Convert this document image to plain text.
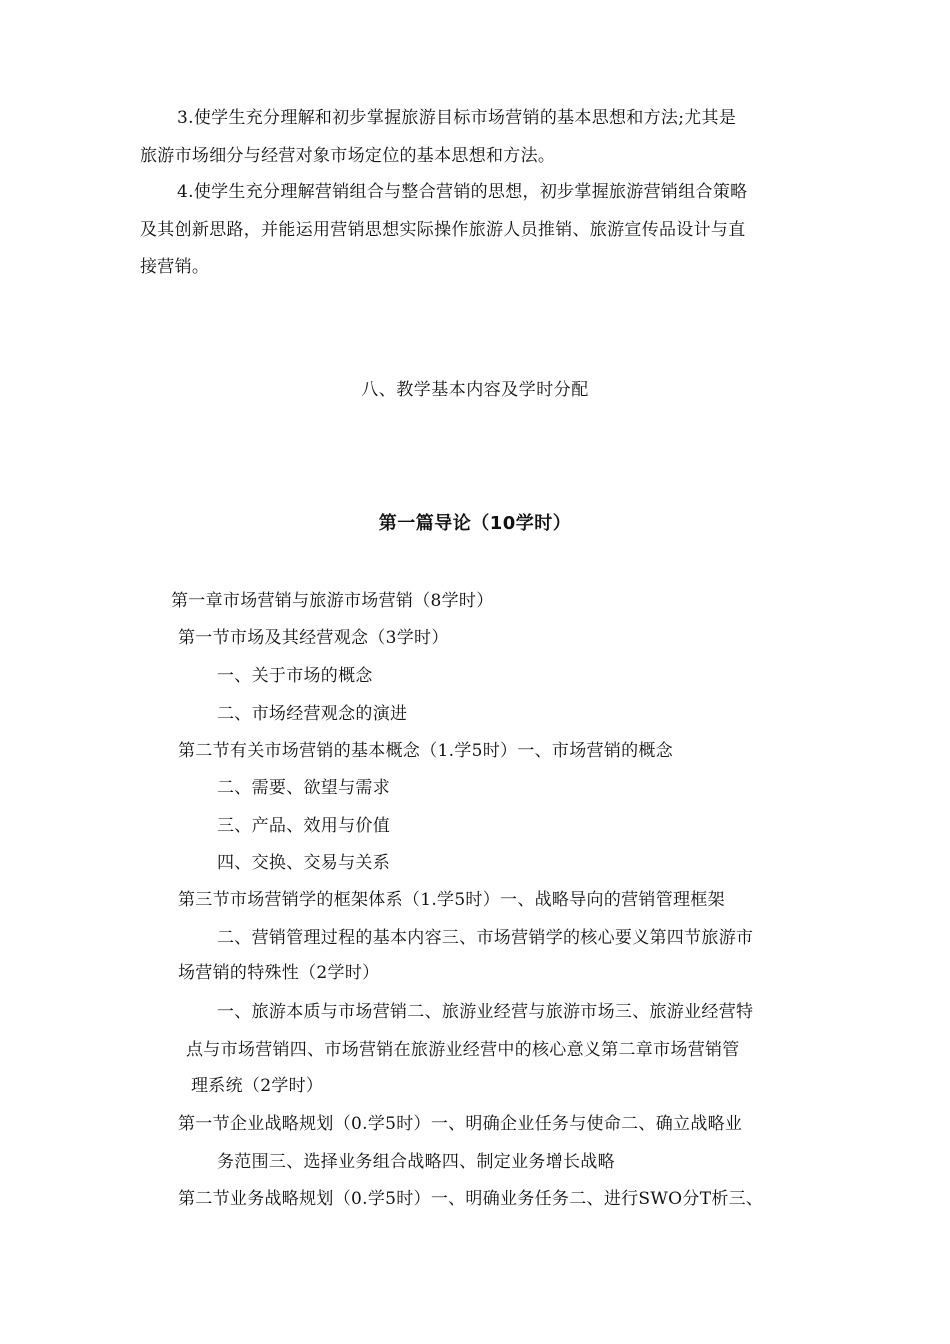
3.使学生充分理解和初步掌握旅游目标市场营销的基本思想和方法;尤其是
旅游市场细分与经营对象市场定位的基本思想和方法。
4.使学生充分理解营销组合与整合营销的思想，初步掌握旅游营销组合策略
及其创新思路，并能运用营销思想实际操作旅游人员推销、旅游宣传品设计与直
接营销。
八、教学基本内容及学时分配
第一篇导论（10学时）
第一章市场营销与旅游市场营销（8学时）
第一节市场及其经营观念（3学时）
一、关于市场的概念
二、市场经营观念的演进
第二节有关市场营销的基本概念（1.学5时）一、市场营销的概念
二、需要、欲望与需求
三、产品、效用与价值
四、交换、交易与关系
第三节市场营销学的框架体系（1.学5时）一、战略导向的营销管理框架
二、营销管理过程的基本内容三、市场营销学的核心要义第四节旅游市
场营销的特殊性（2学时）
一、旅游本质与市场营销二、旅游业经营与旅游市场三、旅游业经营特
点与市场营销四、市场营销在旅游业经营中的核心意义第二章市场营销管
理系统（2学时）
第一节企业战略规划（0.学5时）一、明确企业任务与使命二、确立战略业
务范围三、选择业务组合战略四、制定业务增长战略
第二节业务战略规划（0.学5时）一、明确业务任务二、进行SWO分T析三、
